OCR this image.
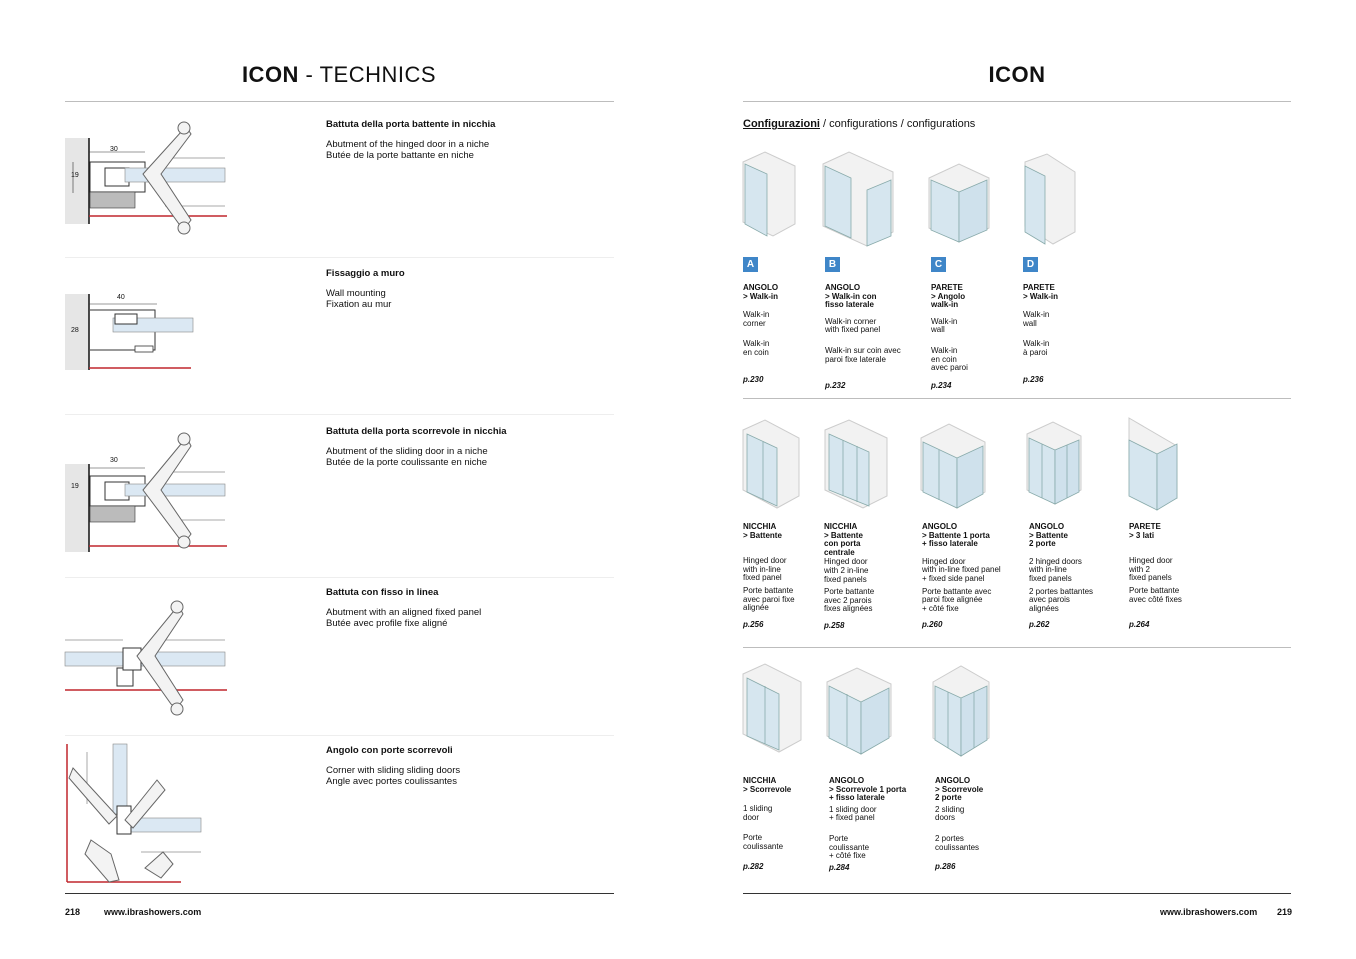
ICON - TECHNICS
30
19
Battuta della porta battente in nicchia
Abutment of the hinged door in a niche
Butée de la porte battante en niche
40
28
Fissaggio a muro
Wall mounting
Fixation au mur
30
19
Battuta della porta scorrevole in nicchia
Abutment of the sliding door in a niche
Butée de la porte coulissante en niche
Battuta con fisso in linea
Abutment with an aligned fixed panel
Butée avec profile fixe aligné
Angolo con porte scorrevoli
Corner with sliding sliding doors
Angle avec portes coulissantes
218	www.ibrashowers.com
ICON
Configurazioni / configurations / configurations
A	B	C	D
ANGOLO
> Walk-in
Walk-in
corner
Walk-in
en coin
p.230
ANGOLO
> Walk-in con
fisso laterale
Walk-in corner
with fixed panel
Walk-in sur coin avec
paroi fixe laterale
p.232
PARETE
> Angolo
walk-in
Walk-in
wall
Walk-in
en coin
avec paroi
p.234
PARETE
> Walk-in
Walk-in
wall
Walk-in
à paroi
p.236
NICCHIA
> Battente
Hinged door
with in-line
fixed panel
Porte battante
avec paroi fixe
alignée
p.256
NICCHIA
> Battente
con porta
centrale
Hinged door
with 2 in-line
fixed panels
Porte battante
avec 2 parois
fixes alignées
p.258
ANGOLO
> Battente 1 porta
+ fisso laterale
Hinged door
with in-line fixed panel
+ fixed side panel
Porte battante avec
paroi fixe alignée
+ côté fixe
p.260
ANGOLO
> Battente
2 porte
2 hinged doors
with in-line
fixed panels
2 portes battantes
avec parois
alignées
p.262
PARETE
> 3 lati
Hinged door
with 2
fixed panels
Porte battante
avec côté fixes
p.264
NICCHIA
> Scorrevole
1 sliding
door
Porte
coulissante
p.282
ANGOLO
> Scorrevole 1 porta
+ fisso laterale
1 sliding door
+ fixed panel
Porte
coulissante
+ côté fixe
p.284
ANGOLO
> Scorrevole
2 porte
2 sliding
doors
2 portes
coulissantes
p.286
www.ibrashowers.com 219
